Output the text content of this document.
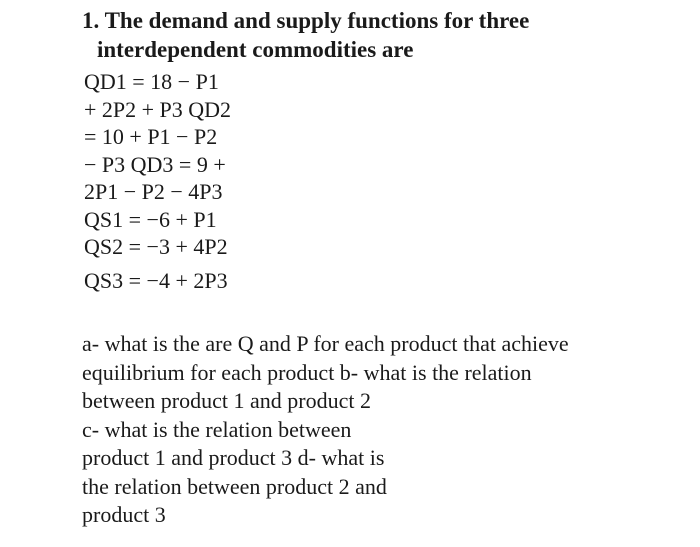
1. The demand and supply functions for three
interdependent commodities are
QD1 = 18 − P1
+ 2P2 + P3 QD2
= 10 + P1 − P2
− P3 QD3 = 9 +
2P1 − P2 − 4P3
QS1 = −6 + P1
QS2 = −3 + 4P2
QS3 = −4 + 2P3
a- what is the are Q and P for each product that achieve
equilibrium for each product b- what is the relation
between product 1 and product 2
c- what is the relation between
product 1 and product 3 d- what is
the relation between product 2 and
product 3
